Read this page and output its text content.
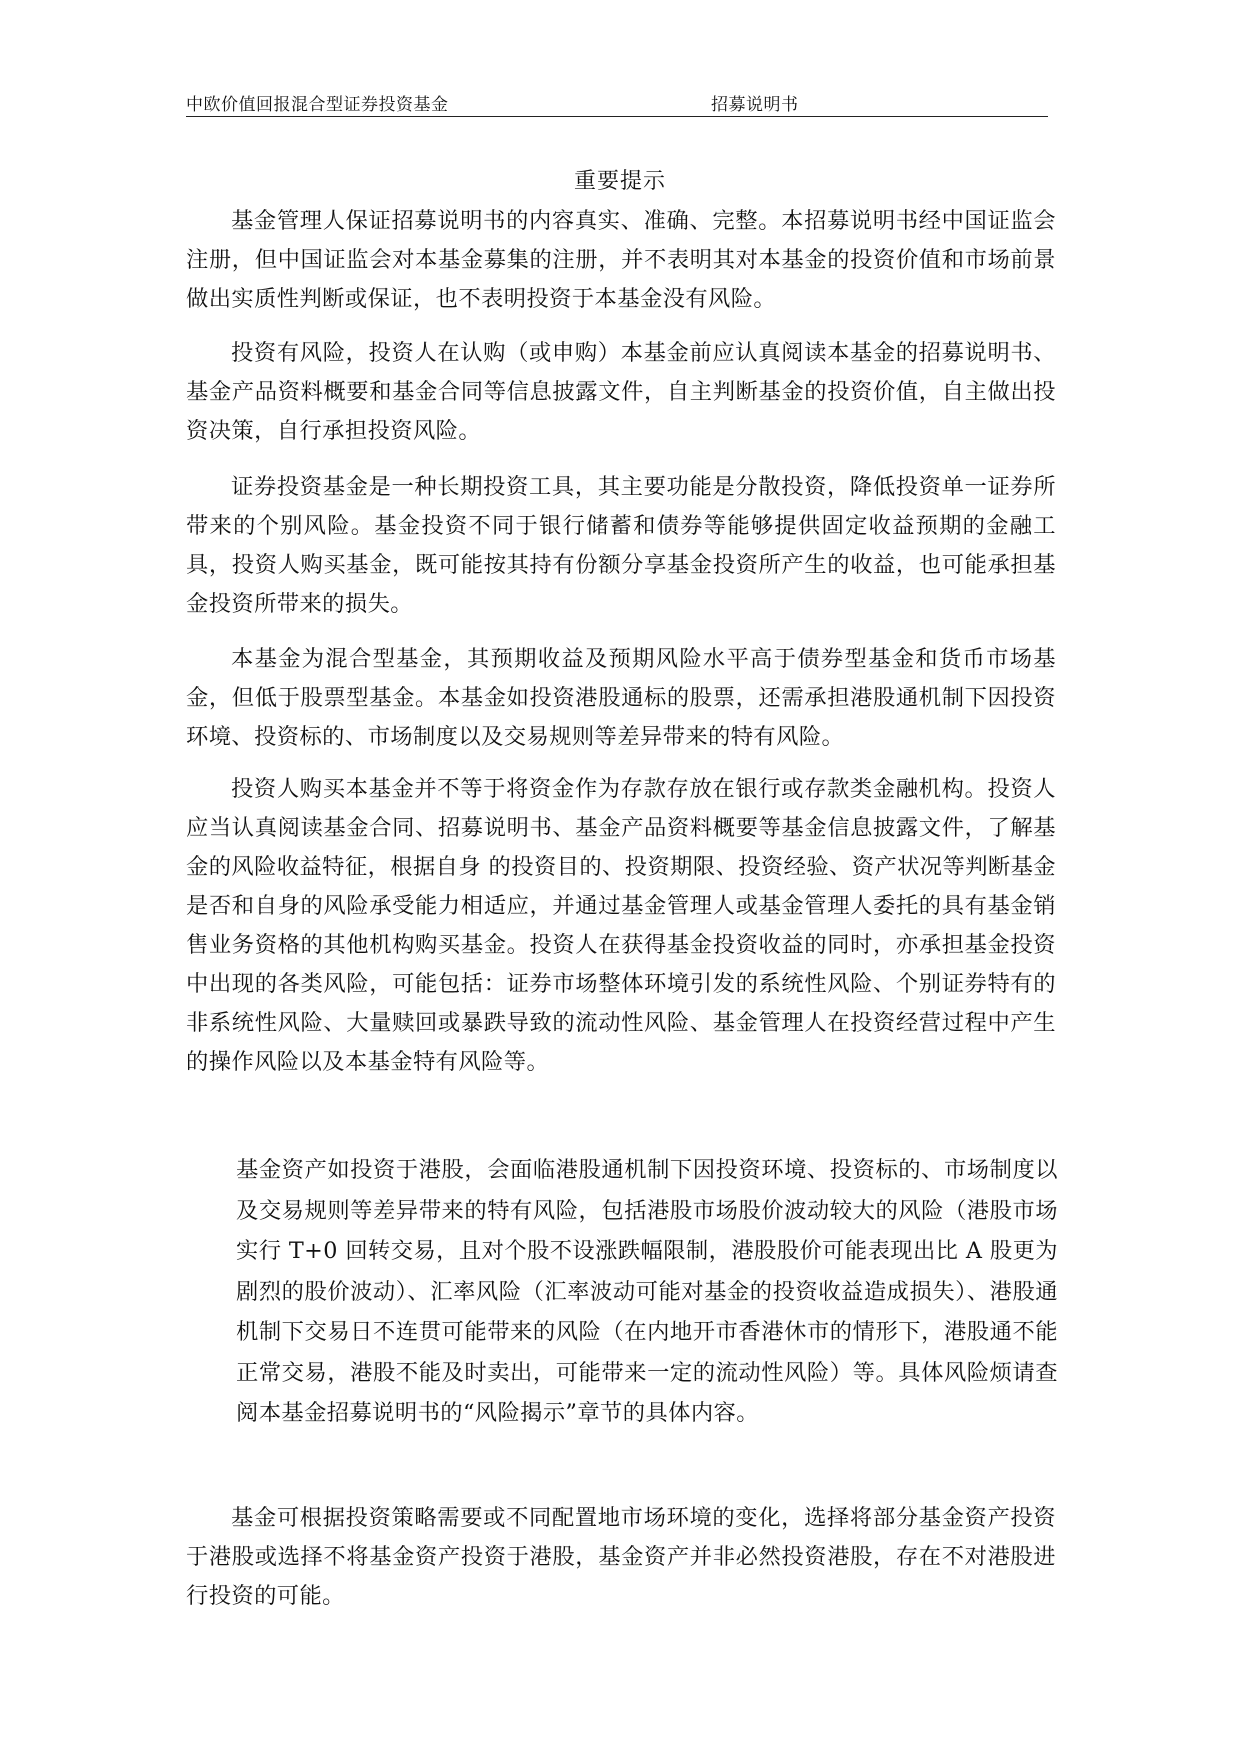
中欧价值回报混合型证券投资基金	招募说明书
重要提示

基金管理人保证招募说明书的内容真实、准确、完整。本招募说明书经中国证监会注册，但中国证监会对本基金募集的注册，并不表明其对本基金的投资价值和市场前景做出实质性判断或保证，也不表明投资于本基金没有风险。

投资有风险，投资人在认购（或申购）本基金前应认真阅读本基金的招募说明书、基金产品资料概要和基金合同等信息披露文件，自主判断基金的投资价值，自主做出投资决策，自行承担投资风险。

证券投资基金是一种长期投资工具，其主要功能是分散投资，降低投资单一证券所带来的个别风险。基金投资不同于银行储蓄和债券等能够提供固定收益预期的金融工具，投资人购买基金，既可能按其持有份额分享基金投资所产生的收益，也可能承担基金投资所带来的损失。

本基金为混合型基金，其预期收益及预期风险水平高于债券型基金和货币市场基金，但低于股票型基金。本基金如投资港股通标的股票，还需承担港股通机制下因投资环境、投资标的、市场制度以及交易规则等差异带来的特有风险。

投资人购买本基金并不等于将资金作为存款存放在银行或存款类金融机构。投资人应当认真阅读基金合同、招募说明书、基金产品资料概要等基金信息披露文件，了解基金的风险收益特征，根据自身 的投资目的、投资期限、投资经验、资产状况等判断基金是否和自身的风险承受能力相适应，并通过基金管理人或基金管理人委托的具有基金销售业务资格的其他机构购买基金。投资人在获得基金投资收益的同时，亦承担基金投资中出现的各类风险，可能包括：证券市场整体环境引发的系统性风险、个别证券特有的非系统性风险、大量赎回或暴跌导致的流动性风险、基金管理人在投资经营过程中产生的操作风险以及本基金特有风险等。

基金资产如投资于港股，会面临港股通机制下因投资环境、投资标的、市场制度以及交易规则等差异带来的特有风险，包括港股市场股价波动较大的风险（港股市场实行 T+0 回转交易，且对个股不设涨跌幅限制，港股股价可能表现出比 A 股更为剧烈的股价波动）、汇率风险（汇率波动可能对基金的投资收益造成损失）、港股通机制下交易日不连贯可能带来的风险（在内地开市香港休市的情形下，港股通不能正常交易，港股不能及时卖出，可能带来一定的流动性风险）等。具体风险烦请查阅本基金招募说明书的“风险揭示”章节的具体内容。

基金可根据投资策略需要或不同配置地市场环境的变化，选择将部分基金资产投资于港股或选择不将基金资产投资于港股，基金资产并非必然投资港股，存在不对港股进行投资的可能。
